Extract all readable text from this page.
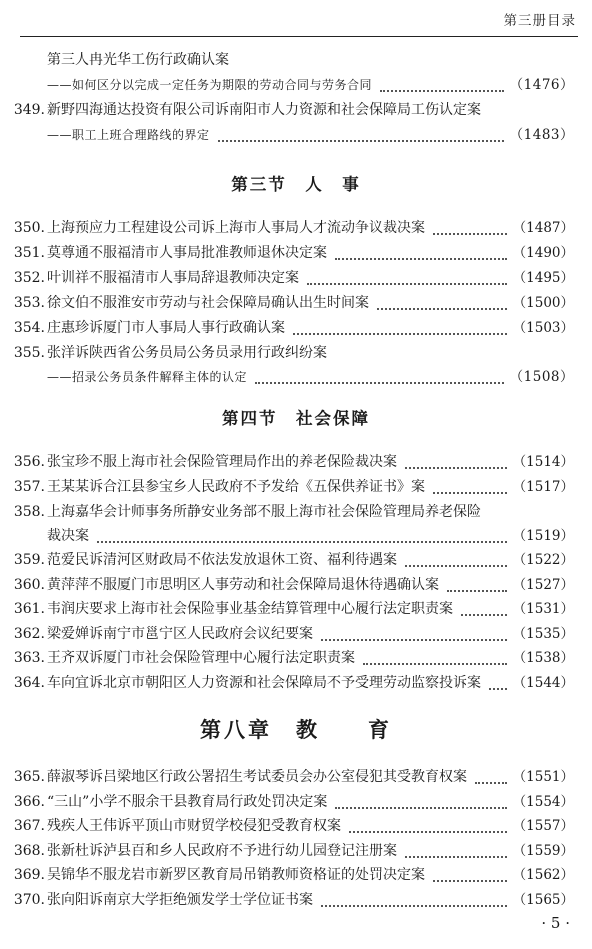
第三册目录
第三节　人　事
第四节　社会保障
第八章　教　　育
第三人冉光华工伤行政确认案
——如何区分以完成一定任务为期限的劳动合同与劳务合同	（1476）
349. 新野四海通达投资有限公司诉南阳市人力资源和社会保障局工伤认定案
——职工上班合理路线的界定	（1483）
350. 上海预应力工程建设公司诉上海市人事局人才流动争议裁决案	（1487）
351. 莫尊通不服福清市人事局批准教师退休决定案	（1490）
352. 叶训祥不服福清市人事局辞退教师决定案	（1495）
353. 徐文伯不服淮安市劳动与社会保障局确认出生时间案	（1500）
354. 庄惠珍诉厦门市人事局人事行政确认案	（1503）
355. 张洋诉陕西省公务员局公务员录用行政纠纷案
——招录公务员条件解释主体的认定	（1508）
356. 张宝珍不服上海市社会保险管理局作出的养老保险裁决案	（1514）
357. 王某某诉合江县参宝乡人民政府不予发给《五保供养证书》案	（1517）
358. 上海嘉华会计师事务所静安业务部不服上海市社会保险管理局养老保险
裁决案	（1519）
359. 范爱民诉清河区财政局不依法发放退休工资、福利待遇案	（1522）
360. 黄萍萍不服厦门市思明区人事劳动和社会保障局退休待遇确认案	（1527）
361. 韦润庆要求上海市社会保险事业基金结算管理中心履行法定职责案	（1531）
362. 梁爱婵诉南宁市邕宁区人民政府会议纪要案	（1535）
363. 王齐双诉厦门市社会保险管理中心履行法定职责案	（1538）
364. 车向宜诉北京市朝阳区人力资源和社会保障局不予受理劳动监察投诉案 （1544）
365. 薛淑琴诉吕梁地区行政公署招生考试委员会办公室侵犯其受教育权案	（1551）
366. “三山”小学不服余干县教育局行政处罚决定案	（1554）
367. 残疾人王伟诉平顶山市财贸学校侵犯受教育权案	（1557）
368. 张新杜诉泸县百和乡人民政府不予进行幼儿园登记注册案	（1559）
369. 吴锦华不服龙岩市新罗区教育局吊销教师资格证的处罚决定案	（1562）
370. 张向阳诉南京大学拒绝颁发学士学位证书案	（1565）
· 5 ·
